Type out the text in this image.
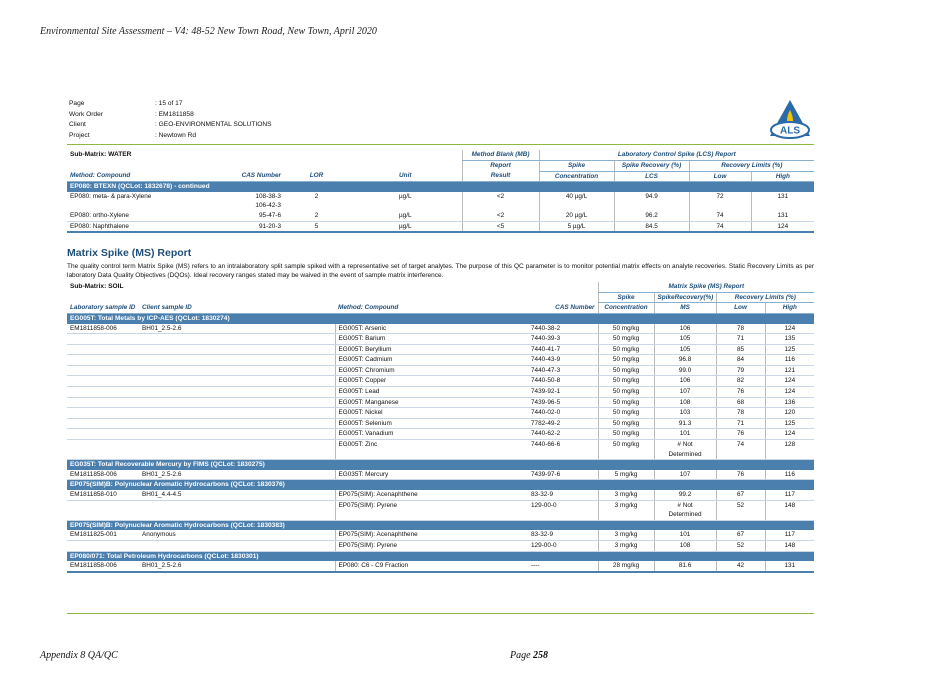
Environmental Site Assessment – V4: 48-52 New Town Road, New Town, April 2020
Page	: 15 of 17
Work Order	: EM1811858
Client	: GEO-ENVIRONMENTAL SOLUTIONS
Project	: Newtown Rd	ALS
Sub-Matrix: WATER				Method Blank (MB)	Laboratory Control Spike (LCS) Report			
				Report	Spike	Spike Recovery (%)	Recovery Limits (%)	
Method: Compound	CAS Number	LOR	Unit	Result	Concentration	LCS	Low	High
EP080: BTEXN (QCLot: 1832678) - continued								
EP080: meta- & para-Xylene	108-38-3	2	µg/L	<2	40 µg/L	94.9	72	131
	106-42-3							
EP080: ortho-Xylene	95-47-6	2	µg/L	<2	20 µg/L	96.2	74	131
EP080: Naphthalene	91-20-3	5	µg/L	<5	5 µg/L	84.5	74	124
Matrix Spike (MS) Report
The quality control term Matrix Spike (MS) refers to an intralaboratory split sample spiked with a representative set of target analytes. The purpose of this QC parameter is to monitor potential matrix effects on analyte recoveries. Static Recovery Limits as per laboratory Data Quality Objectives (DQOs). Ideal recovery ranges stated may be waived in the event of sample matrix interference.
Sub-Matrix: SOIL				Matrix Spike (MS) Report			
				Spike	SpikeRecovery(%)	Recovery Limits (%)	
Laboratory sample ID	Client sample ID	Method: Compound	CAS Number	Concentration	MS	Low	High
EG005T: Total Metals by ICP-AES (QCLot: 1830274)							
EM1811858-006	BH01_2.5-2.6	EG005T: Arsenic	7440-38-2	50 mg/kg	106	78	124
		EG005T: Barium	7440-39-3	50 mg/kg	105	71	135
		EG005T: Beryllium	7440-41-7	50 mg/kg	105	85	125
		EG005T: Cadmium	7440-43-9	50 mg/kg	96.8	84	116
		EG005T: Chromium	7440-47-3	50 mg/kg	99.0	79	121
		EG005T: Copper	7440-50-8	50 mg/kg	106	82	124
		EG005T: Lead	7439-92-1	50 mg/kg	107	76	124
		EG005T: Manganese	7439-96-5	50 mg/kg	108	68	136
		EG005T: Nickel	7440-02-0	50 mg/kg	103	78	120
		EG005T: Selenium	7782-49-2	50 mg/kg	91.3	71	125
		EG005T: Vanadium	7440-62-2	50 mg/kg	101	76	124
		EG005T: Zinc	7440-66-6	50 mg/kg	# Not	74	128
					Determined		
EG035T: Total Recoverable Mercury by FIMS (QCLot: 1830275)							
EM1811858-006	BH01_2.5-2.6	EG035T: Mercury	7439-97-6	5 mg/kg	107	76	116
EP075(SIM)B: Polynuclear Aromatic Hydrocarbons (QCLot: 1830376)							
EM1811858-010	BH01_4.4-4.5	EP075(SIM): Acenaphthene	83-32-9	3 mg/kg	99.2	67	117
		EP075(SIM): Pyrene	129-00-0	3 mg/kg	# Not	52	148
					Determined		
EP075(SIM)B: Polynuclear Aromatic Hydrocarbons (QCLot: 1830383)							
EM1811825-001	Anonymous	EP075(SIM): Acenaphthene	83-32-9	3 mg/kg	101	67	117
		EP075(SIM): Pyrene	129-00-0	3 mg/kg	108	52	148
EP080/071: Total Petroleum Hydrocarbons (QCLot: 1830301)							
EM1811858-006	BH01_2.5-2.6	EP080: C6 - C9 Fraction	----	28 mg/kg	81.6	42	131
Appendix 8 QA/QC	Page 258
